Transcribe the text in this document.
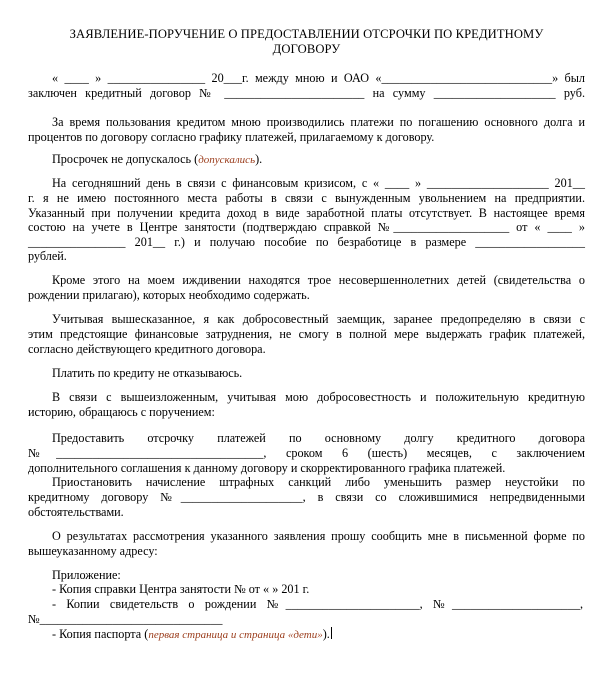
ЗАЯВЛЕНИЕ-ПОРУЧЕНИЕ О ПРЕДОСТАВЛЕНИИ ОТСРОЧКИ ПО КРЕДИТНОМУ
ДОГОВОРУ
« ____ » ________________ 20___г. между мною и ОАО «____________________________» был
заключен кредитный договор № _______________________ на сумму ____________________ руб.
За время пользования кредитом мною производились платежи по погашению основного долга и
процентов по договору согласно графику платежей, прилагаемому к договору.
Просрочек не допускалось (допускались).
На сегодняшний день в связи с финансовым кризисом, с « ____ » ____________________ 201__
г. я не имею постоянного места работы в связи с вынужденным увольнением на предприятии.
Указанный при получении кредита доход в виде заработной платы отсутствует. В настоящее время
состою на учете в Центре занятости (подтверждаю справкой №___________________ от « ____ »
________________ 201__ г.) и получаю пособие по безработице в размере __________________
рублей.
Кроме этого на моем иждивении находятся трое несовершеннолетних детей (свидетельства о
рождении прилагаю), которых необходимо содержать.
Учитывая вышесказанное, я как добросовестный заемщик, заранее предопределяю в связи с
этим предстоящие финансовые затруднения, не смогу в полной мере выдержать график платежей,
согласно действующего кредитного договора.
Платить по кредиту не отказываюсь.
В связи с вышеизложенным, учитывая мою добросовестность и положительную кредитную
историю, обращаюсь с поручением:
Предоставить отсрочку платежей по основному долгу кредитного договора
№__________________________________, сроком 6 (шесть) месяцев, с заключением
дополнительного соглашения к данному договору и скорректированного графика платежей.
Приостановить начисление штрафных санкций либо уменьшить размер неустойки по
кредитному договору №____________________, в связи со сложившимися непредвиденными
обстоятельствами.
О результатах рассмотрения указанного заявления прошу сообщить мне в письменной форме по
вышеуказанному адресу:
Приложение:
- Копия справки Центра занятости № от « » 201 г.
- Копии свидетельств о рождении №______________________, №_____________________,
№______________________________
- Копия паспорта (первая страница и страница «дети»).
